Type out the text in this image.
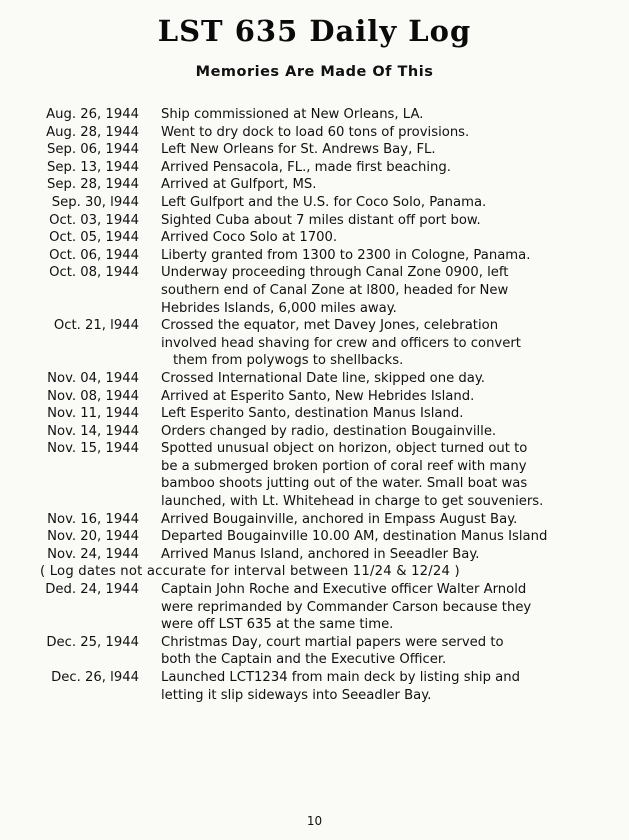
LST 635 Daily Log
Memories Are Made Of This
Aug. 26, 1944 Ship commissioned at New Orleans, LA.
Aug. 28, 1944 Went to dry dock to load 60 tons of provisions.
Sep. 06, 1944 Left New Orleans for St. Andrews Bay, FL.
Sep. 13, 1944 Arrived Pensacola, FL., made first beaching.
Sep. 28, 1944 Arrived at Gulfport, MS.
Sep. 30, l944 Left Gulfport and the U.S. for Coco Solo, Panama.
Oct. 03, 1944 Sighted Cuba about 7 miles distant off port bow.
Oct. 05, 1944 Arrived Coco Solo at 1700.
Oct. 06, 1944 Liberty granted from 1300 to 2300 in Cologne, Panama.
Oct. 08, 1944 Underway proceeding through Canal Zone 0900, left
southern end of Canal Zone at l800, headed for New
Hebrides Islands, 6,000 miles away.
Oct. 21, l944 Crossed the equator, met Davey Jones, celebration
involved head shaving for crew and officers to convert
them from polywogs to shellbacks.
Nov. 04, 1944 Crossed International Date line, skipped one day.
Nov. 08, 1944 Arrived at Esperito Santo, New Hebrides Island.
Nov. 11, 1944 Left Esperito Santo, destination Manus Island.
Nov. 14, 1944 Orders changed by radio, destination Bougainville.
Nov. 15, 1944 Spotted unusual object on horizon, object turned out to
be a submerged broken portion of coral reef with many
bamboo shoots jutting out of the water. Small boat was
launched, with Lt. Whitehead in charge to get souveniers.
Nov. 16, 1944 Arrived Bougainville, anchored in Empass August Bay.
Nov. 20, 1944 Departed Bougainville 10.00 AM, destination Manus Island
Nov. 24, 1944 Arrived Manus Island, anchored in Seeadler Bay.
( Log dates not accurate for interval between 11/24 & 12/24 )
Ded. 24, 1944 Captain John Roche and Executive officer Walter Arnold
were reprimanded by Commander Carson because they
were off LST 635 at the same time.
Dec. 25, 1944 Christmas Day, court martial papers were served to
both the Captain and the Executive Officer.
Dec. 26, l944 Launched LCT1234 from main deck by listing ship and
letting it slip sideways into Seeadler Bay.
10
